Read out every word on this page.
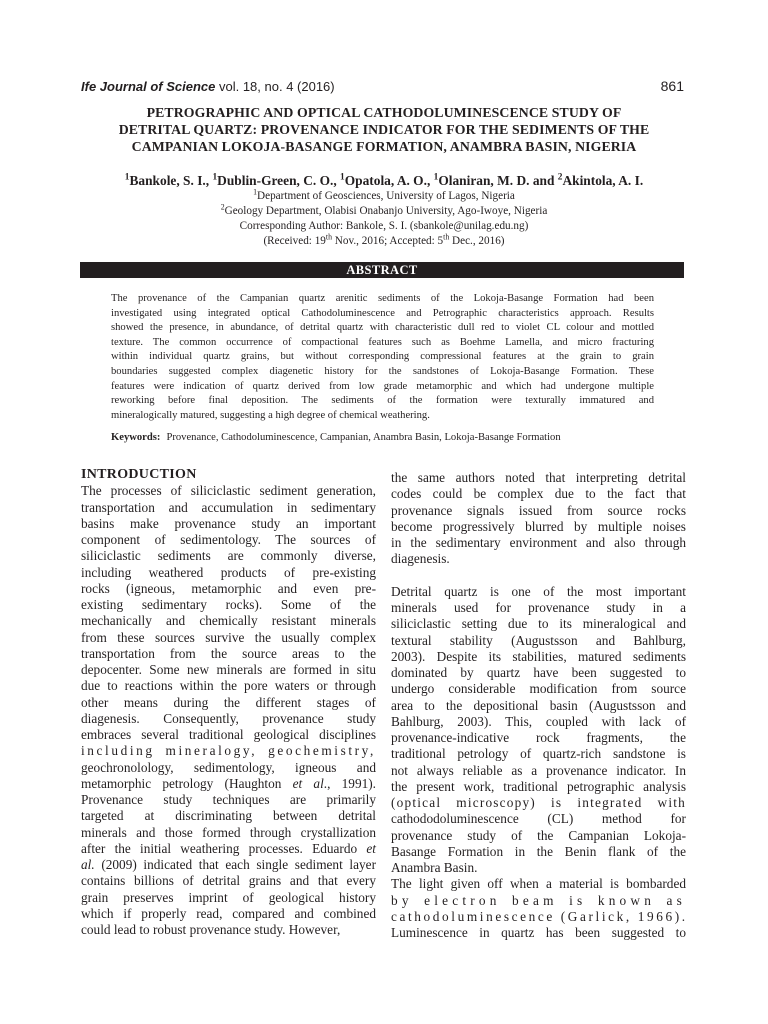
Ife Journal of Science vol. 18, no. 4 (2016)	861
PETROGRAPHIC AND OPTICAL CATHODOLUMINESCENCE STUDY OF
DETRITAL QUARTZ: PROVENANCE INDICATOR FOR THE SEDIMENTS OF THE
CAMPANIAN LOKOJA-BASANGE FORMATION, ANAMBRA BASIN, NIGERIA
$^1$Bankole, S. I., $^1$Dublin-Green, C. O., $^1$Opatola, A. O., $^1$Olaniran, M. D. and $^2$Akintola, A. I.
$^1$Department of Geosciences, University of Lagos, Nigeria
$^2$Geology Department, Olabisi Onabanjo University, Ago-Iwoye, Nigeria
Corresponding Author: Bankole, S. I. (sbankole@unilag.edu.ng)
(Received: 19th Nov., 2016; Accepted: 5th Dec., 2016)
ABSTRACT
The provenance of the Campanian quartz arenitic sediments of the Lokoja-Basange Formation had been
investigated using integrated optical Cathodoluminescence and Petrographic characteristics approach. Results
showed the presence, in abundance, of detrital quartz with characteristic dull red to violet CL colour and mottled
texture. The common occurrence of compactional features such as Boehme Lamella, and micro fracturing
within individual quartz grains, but without corresponding compressional features at the grain to grain
boundaries suggested complex diagenetic history for the sandstones of Lokoja-Basange Formation. These
features were indication of quartz derived from low grade metamorphic and which had undergone multiple
reworking before final deposition. The sediments of the formation were texturally immatured and
mineralogically matured, suggesting a high degree of chemical weathering.
Keywords: Provenance, Cathodoluminescence, Campanian, Anambra Basin, Lokoja-Basange Formation
INTRODUCTION
The processes of siliciclastic sediment generation,
transportation and accumulation in sedimentary
basins make provenance study an important
component of sedimentology. The sources of
siliciclastic sediments are commonly diverse,
including weathered products of pre-existing
rocks (igneous, metamorphic and even pre-
existing sedimentary rocks). Some of the
mechanically and chemically resistant minerals
from these sources survive the usually complex
transportation from the source areas to the
depocenter. Some new minerals are formed in situ
due to reactions within the pore waters or through
other means during the different stages of
diagenesis. Consequently, provenance study
embraces several traditional geological disciplines
including mineralogy, geochemistry,
geochronolology, sedimentology, igneous and
metamorphic petrology (Haughton et al., 1991).
Provenance study techniques are primarily
targeted at discriminating between detrital
minerals and those formed through crystallization
after the initial weathering processes. Eduardo et
al. (2009) indicated that each single sediment layer
contains billions of detrital grains and that every
grain preserves imprint of geological history
which if properly read, compared and combined
could lead to robust provenance study. However,
the same authors noted that interpreting detrital
codes could be complex due to the fact that
provenance signals issued from source rocks
become progressively blurred by multiple noises
in the sedimentary environment and also through
diagenesis.
Detrital quartz is one of the most important
minerals used for provenance study in a
siliciclastic setting due to its mineralogical and
textural stability (Augustsson and Bahlburg,
2003). Despite its stabilities, matured sediments
dominated by quartz have been suggested to
undergo considerable modification from source
area to the depositional basin (Augustsson and
Bahlburg, 2003). This, coupled with lack of
provenance-indicative rock fragments, the
traditional petrology of quartz-rich sandstone is
not always reliable as a provenance indicator. In
the present work, traditional petrographic analysis
(optical microscopy) is integrated with
cathododoluminescence (CL) method for
provenance study of the Campanian Lokoja-
Basange Formation in the Benin flank of the
Anambra Basin.
The light given off when a material is bombarded
by electron beam is known as
cathodoluminescence (Garlick, 1966).
Luminescence in quartz has been suggested to
